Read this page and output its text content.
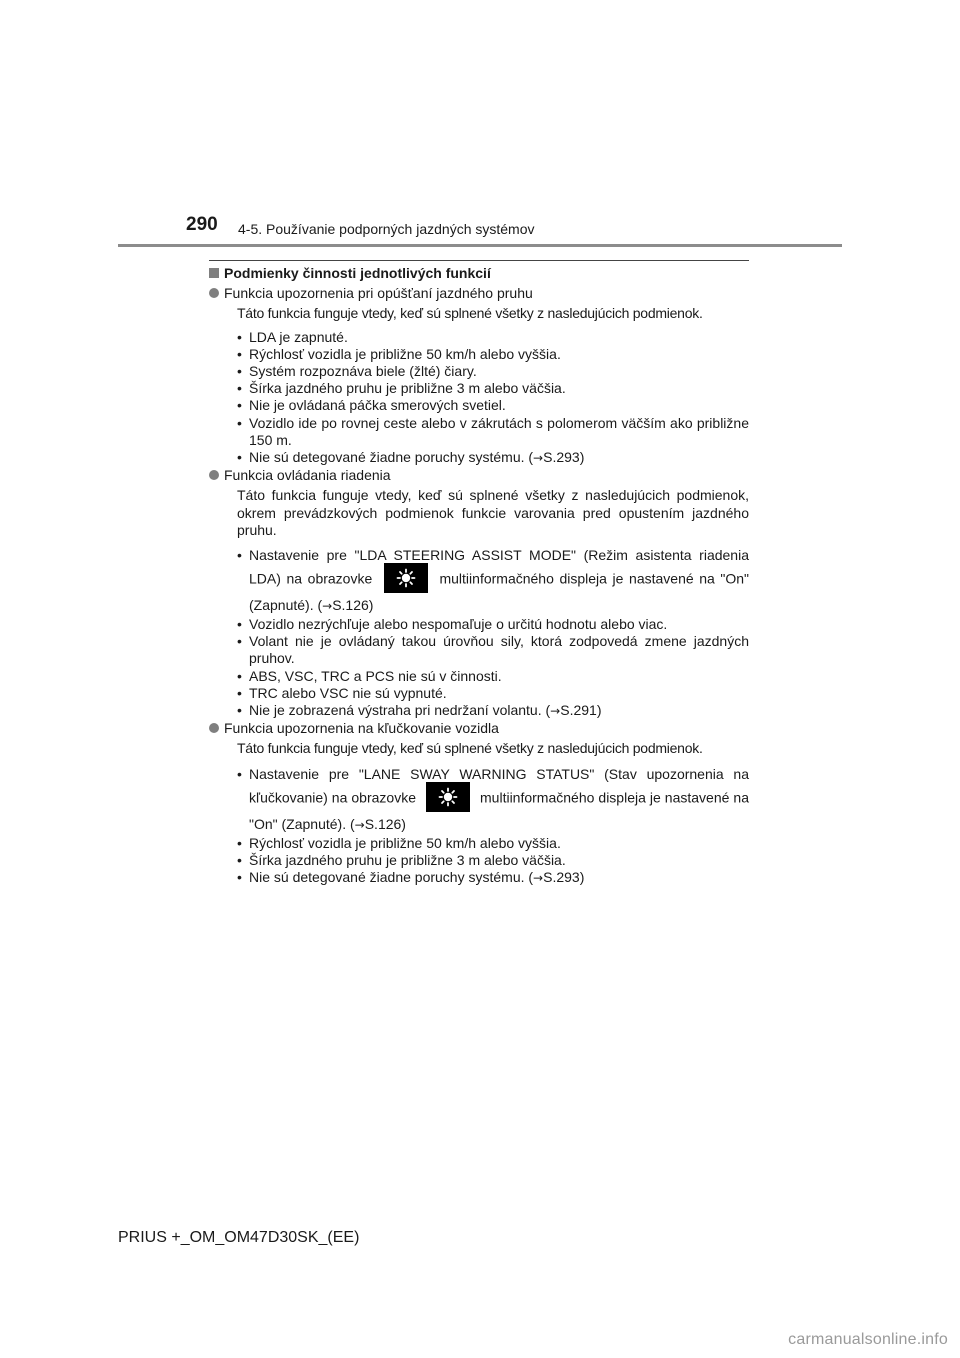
290 4-5. Používanie podporných jazdných systémov
Podmienky činnosti jednotlivých funkcií
Funkcia upozornenia pri opúšťaní jazdného pruhu
Táto funkcia funguje vtedy, keď sú splnené všetky z nasledujúcich podmienok.
• LDA je zapnuté.
• Rýchlosť vozidla je približne 50 km/h alebo vyššia.
• Systém rozpoznáva biele (žlté) čiary.
• Šírka jazdného pruhu je približne 3 m alebo väčšia.
• Nie je ovládaná páčka smerových svetiel.
• Vozidlo ide po rovnej ceste alebo v zákrutách s polomerom väčším ako približne 150 m.
• Nie sú detegované žiadne poruchy systému. (→S.293)
Funkcia ovládania riadenia
Táto funkcia funguje vtedy, keď sú splnené všetky z nasledujúcich podmienok, okrem prevádzkových podmienok funkcie varovania pred opustením jazdného pruhu.
• Nastavenie pre "LDA STEERING ASSIST MODE" (Režim asistenta riadenia LDA) na obrazovke	multiinformačného displeja je nastavené na "On" (Zapnuté). (→S.126)
• Vozidlo nezrýchľuje alebo nespomaľuje o určitú hodnotu alebo viac.
• Volant nie je ovládaný takou úrovňou sily, ktorá zodpovedá zmene jazdných pruhov.
• ABS, VSC, TRC a PCS nie sú v činnosti.
• TRC alebo VSC nie sú vypnuté.
• Nie je zobrazená výstraha pri nedržaní volantu. (→S.291)
Funkcia upozornenia na kľučkovanie vozidla
Táto funkcia funguje vtedy, keď sú splnené všetky z nasledujúcich podmienok.
• Nastavenie pre "LANE SWAY WARNING STATUS" (Stav upozornenia na kľučkovanie) na obrazovke	multiinformačného displeja je nastavené na "On" (Zapnuté). (→S.126)
• Rýchlosť vozidla je približne 50 km/h alebo vyššia.
• Šírka jazdného pruhu je približne 3 m alebo väčšia.
• Nie sú detegované žiadne poruchy systému. (→S.293)
PRIUS +_OM_OM47D30SK_(EE)
carmanualsonline.info
